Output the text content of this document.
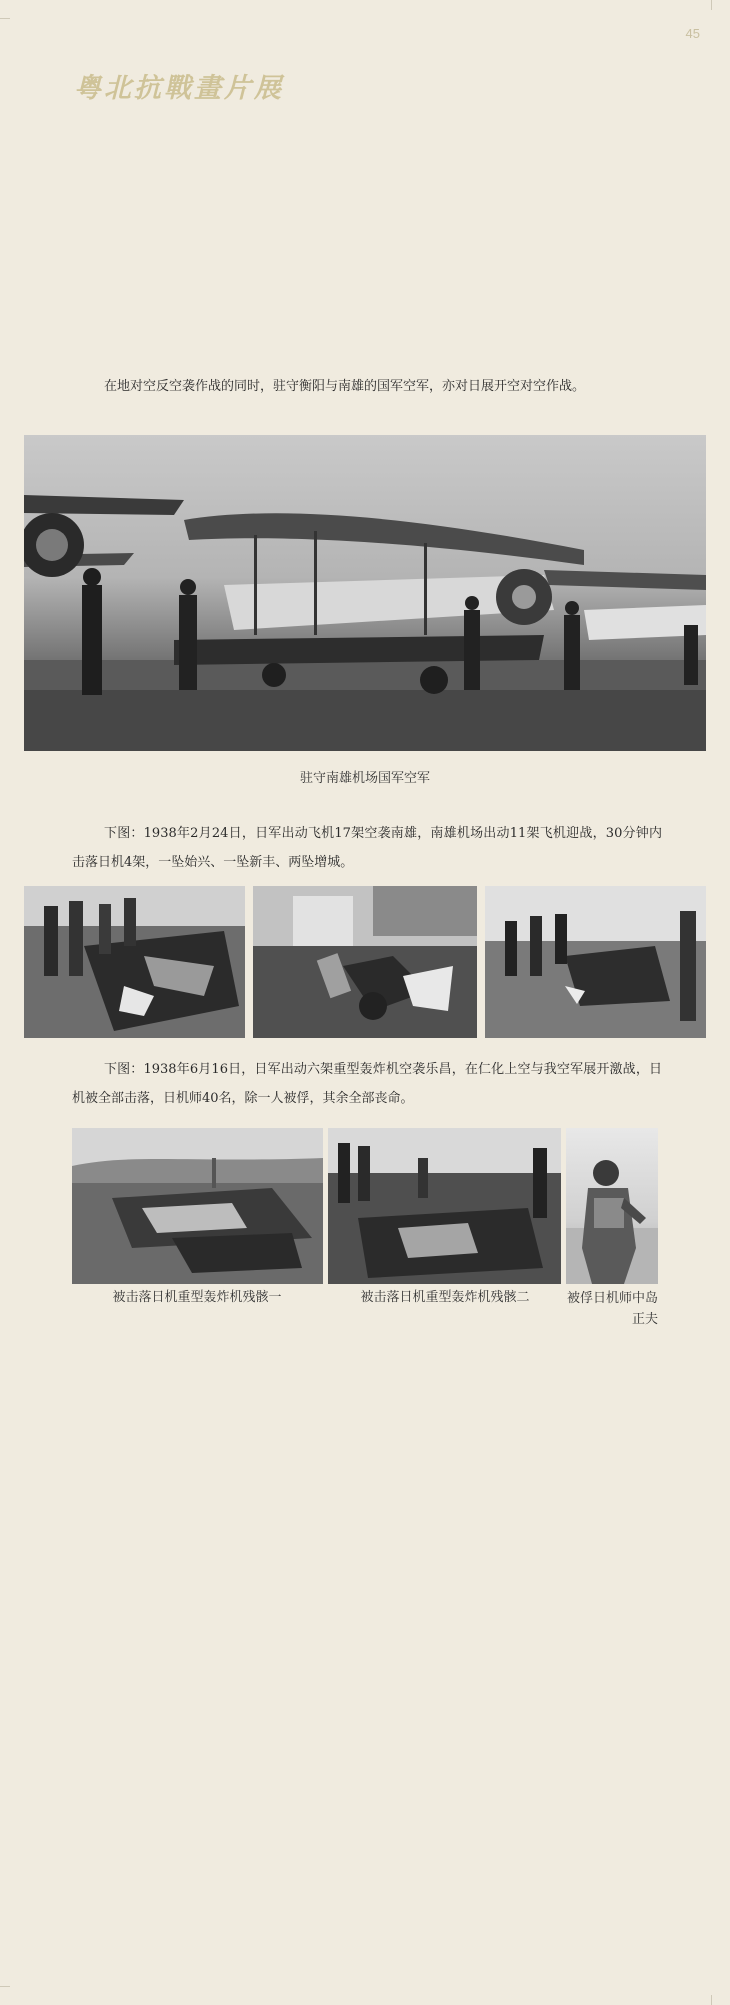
45
粤北抗戰畫片展

在地对空反空袭作战的同时，驻守衡阳与南雄的国军空军，亦对日展开空对空作战。

驻守南雄机场国军空军

下图：1938年2月24日，日军出动飞机17架空袭南雄，南雄机场出动11架飞机迎战，30分钟内击落日机4架，一坠始兴、一坠新丰、两坠增城。

下图：1938年6月16日，日军出动六架重型轰炸机空袭乐昌，在仁化上空与我空军展开激战，日机被全部击落，日机师40名，除一人被俘，其余全部丧命。

被击落日机重型轰炸机残骸一	被击落日机重型轰炸机残骸二	被俘日机师中岛正夫
